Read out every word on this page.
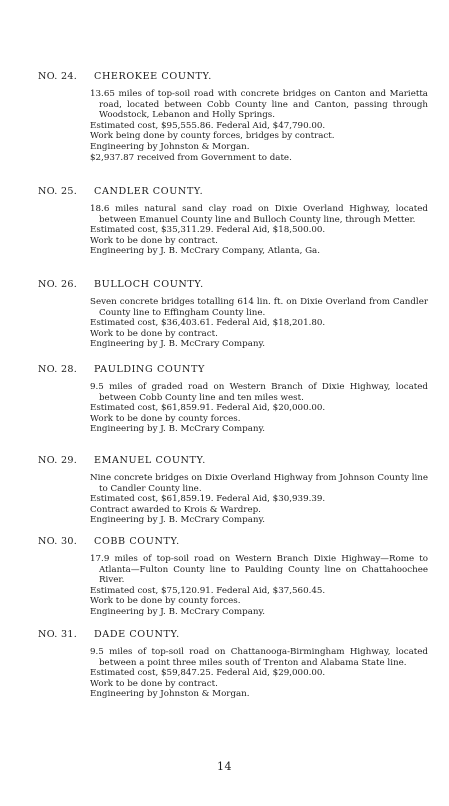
NO. 24. CHEROKEE COUNTY.

13.65 miles of top-soil road with concrete bridges on Canton and Marietta road, located between Cobb County line and Canton, passing through Woodstock, Lebanon and Holly Springs.

Estimated cost, $95,555.86. Federal Aid, $47,790.00.

Work being done by county forces, bridges by contract.

Engineering by Johnston & Morgan.

$2,937.87 received from Government to date.

NO. 25. CANDLER COUNTY.

18.6 miles natural sand clay road on Dixie Overland Highway, located between Emanuel County line and Bulloch County line, through Metter.

Estimated cost, $35,311.29. Federal Aid, $18,500.00.

Work to be done by contract.

Engineering by J. B. McCrary Company, Atlanta, Ga.

NO. 26. BULLOCH COUNTY.

Seven concrete bridges totalling 614 lin. ft. on Dixie Overland from Candler County line to Effingham County line.

Estimated cost, $36,403.61. Federal Aid, $18,201.80.

Work to be done by contract.

Engineering by J. B. McCrary Company.

NO. 28. PAULDING COUNTY

9.5 miles of graded road on Western Branch of Dixie Highway, located between Cobb County line and ten miles west.

Estimated cost, $61,859.91. Federal Aid, $20,000.00.

Work to be done by county forces.

Engineering by J. B. McCrary Company.

NO. 29. EMANUEL COUNTY.

Nine concrete bridges on Dixie Overland Highway from Johnson County line to Candler County line.

Estimated cost, $61,859.19. Federal Aid, $30,939.39.

Contract awarded to Krois & Wardrep.

Engineering by J. B. McCrary Company.

NO. 30. COBB COUNTY.

17.9 miles of top-soil road on Western Branch Dixie Highway—Rome to Atlanta—Fulton County line to Paulding County line on Chattahoochee River.

Estimated cost, $75,120.91. Federal Aid, $37,560.45.

Work to be done by county forces.

Engineering by J. B. McCrary Company.

NO. 31. DADE COUNTY.

9.5 miles of top-soil road on Chattanooga-Birmingham Highway, located between a point three miles south of Trenton and Alabama State line.

Estimated cost, $59,847.25. Federal Aid, $29,000.00.

Work to be done by contract.

Engineering by Johnston & Morgan.

14
